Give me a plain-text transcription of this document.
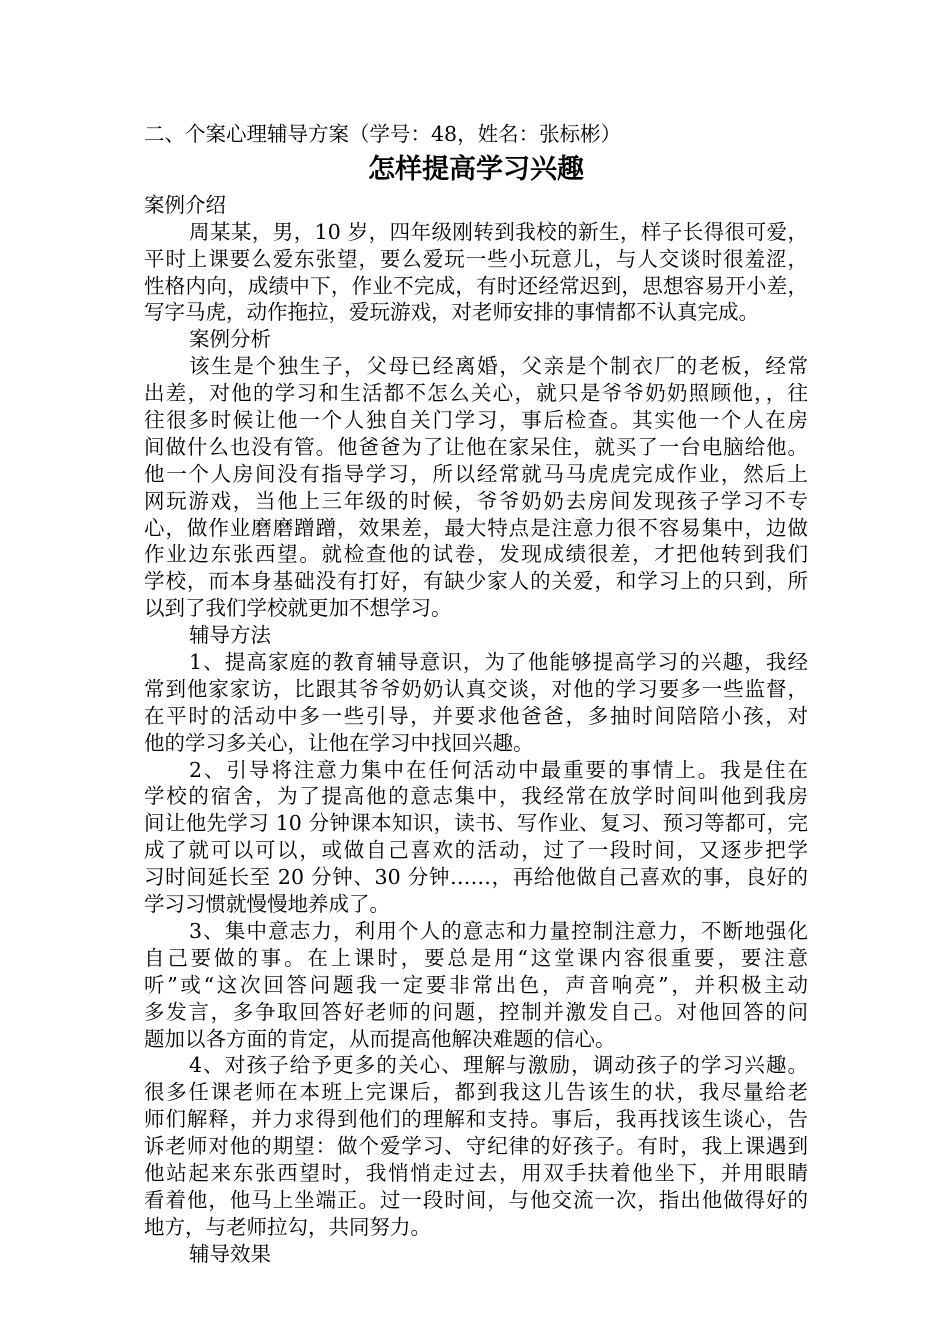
二、个案心理辅导方案（学号：48，姓名：张标彬）

怎样提高学习兴趣

案例介绍

周某某，男，10 岁，四年级刚转到我校的新生，样子长得很可爱，

平时上课要么爱东张望，要么爱玩一些小玩意儿，与人交谈时很羞涩，

性格内向，成绩中下，作业不完成，有时还经常迟到，思想容易开小差，

写字马虎，动作拖拉，爱玩游戏，对老师安排的事情都不认真完成。

案例分析

该生是个独生子，父母已经离婚，父亲是个制衣厂的老板，经常

出差，对他的学习和生活都不怎么关心，就只是爷爷奶奶照顾他，，往

往很多时候让他一个人独自关门学习，事后检查。其实他一个人在房

间做什么也没有管。他爸爸为了让他在家呆住，就买了一台电脑给他。

他一个人房间没有指导学习，所以经常就马马虎虎完成作业，然后上

网玩游戏，当他上三年级的时候，爷爷奶奶去房间发现孩子学习不专

心，做作业磨磨蹭蹭，效果差，最大特点是注意力很不容易集中，边做

作业边东张西望。就检查他的试卷，发现成绩很差，才把他转到我们

学校，而本身基础没有打好，有缺少家人的关爱，和学习上的只到，所

以到了我们学校就更加不想学习。

辅导方法

1、提高家庭的教育辅导意识，为了他能够提高学习的兴趣，我经

常到他家家访，比跟其爷爷奶奶认真交谈，对他的学习要多一些监督，

在平时的活动中多一些引导，并要求他爸爸，多抽时间陪陪小孩，对

他的学习多关心，让他在学习中找回兴趣。

2、引导将注意力集中在任何活动中最重要的事情上。我是住在

学校的宿舍，为了提高他的意志集中，我经常在放学时间叫他到我房

间让他先学习 10 分钟课本知识，读书、写作业、复习、预习等都可，完

成了就可以可以，或做自己喜欢的活动，过了一段时间，又逐步把学

习时间延长至 20 分钟、30 分钟……，再给他做自己喜欢的事，良好的

学习习惯就慢慢地养成了。

3、集中意志力，利用个人的意志和力量控制注意力，不断地强化

自己要做的事。在上课时，要总是用“这堂课内容很重要，要注意

听”或“这次回答问题我一定要非常出色，声音响亮”，并积极主动

多发言，多争取回答好老师的问题，控制并激发自己。对他回答的问

题加以各方面的肯定，从而提高他解决难题的信心。

4、对孩子给予更多的关心、理解与激励，调动孩子的学习兴趣。

很多任课老师在本班上完课后，都到我这儿告该生的状，我尽量给老

师们解释，并力求得到他们的理解和支持。事后，我再找该生谈心，告

诉老师对他的期望：做个爱学习、守纪律的好孩子。有时，我上课遇到

他站起来东张西望时，我悄悄走过去，用双手扶着他坐下，并用眼睛

看着他，他马上坐端正。过一段时间，与他交流一次，指出他做得好的

地方，与老师拉勾，共同努力。

辅导效果
